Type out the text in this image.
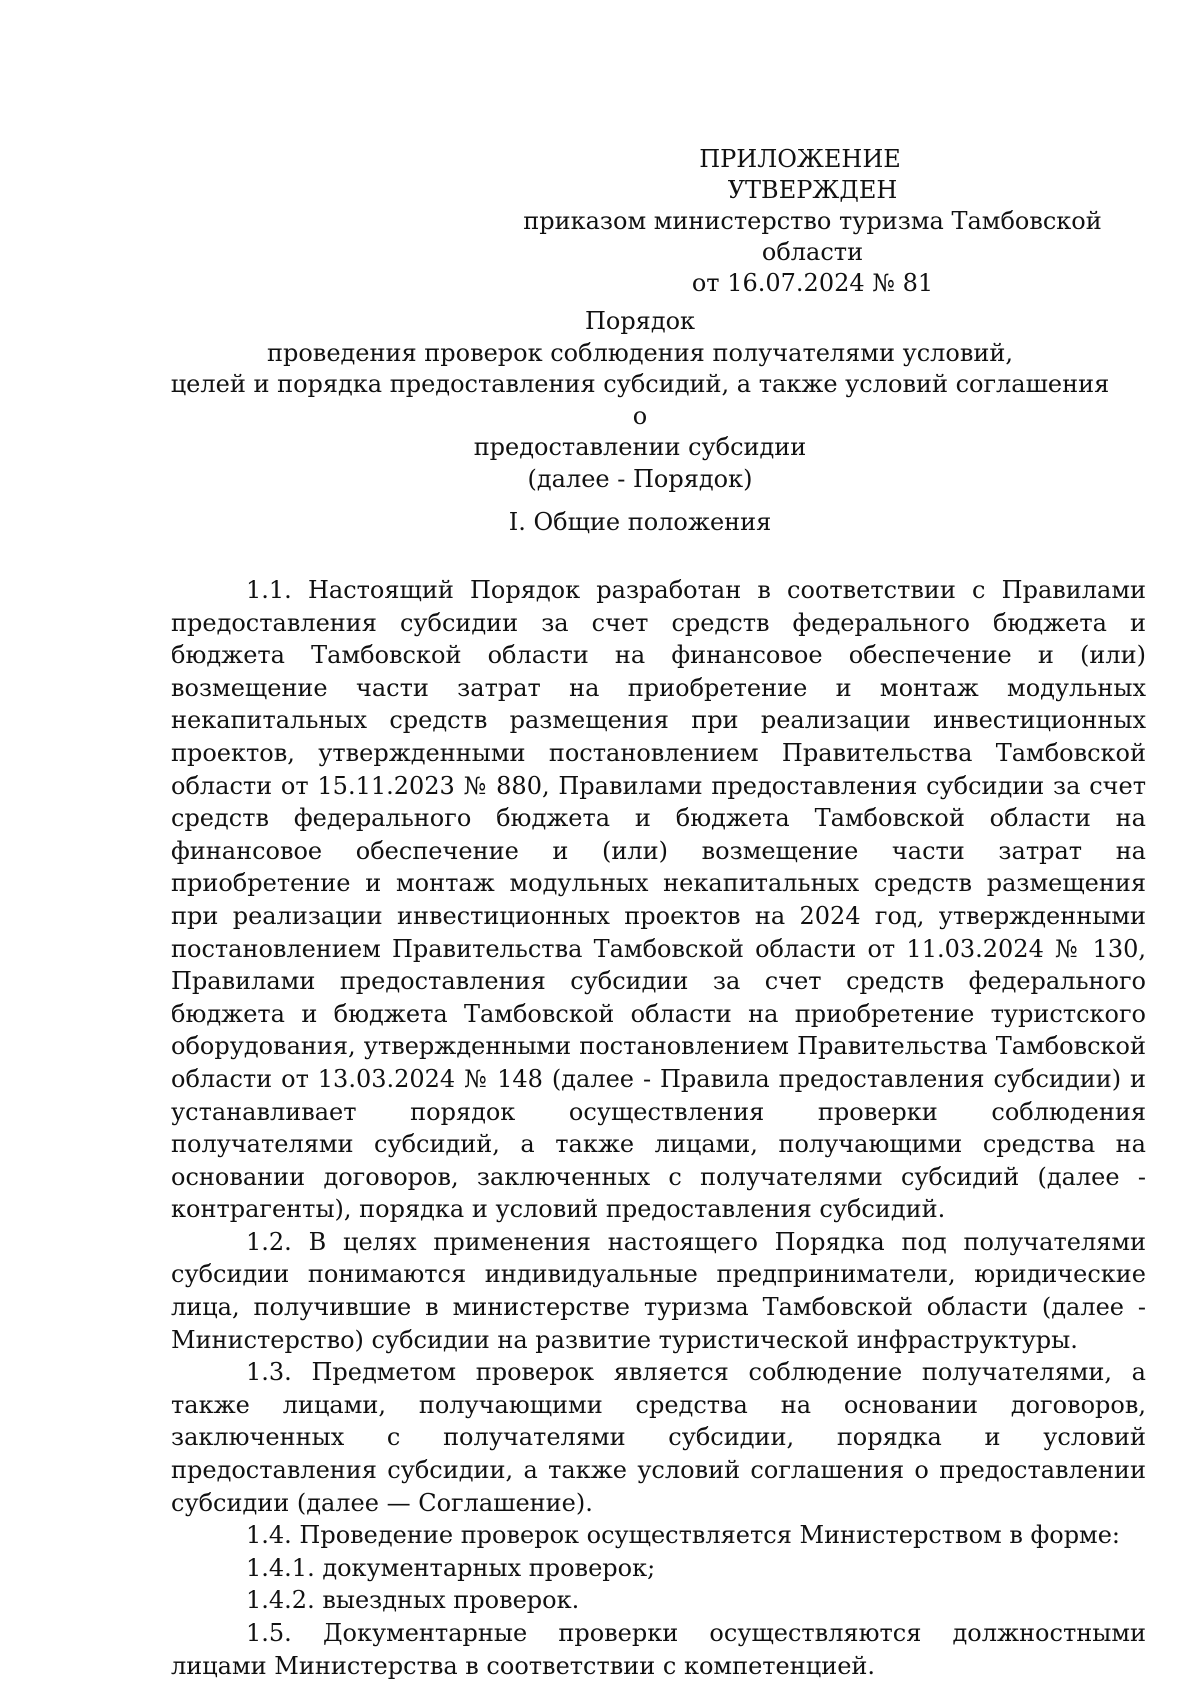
ПРИЛОЖЕНИЕ
УТВЕРЖДЕН
приказом министерство туризма Тамбовской
области
от 16.07.2024 № 81
Порядок
проведения проверок соблюдения получателями условий,
целей и порядка предоставления субсидий, а также условий соглашения о
предоставлении субсидии
(далее - Порядок)
I. Общие положения

1.1. Настоящий Порядок разработан в соответствии с Правилами предоставления субсидии за счет средств федерального бюджета и бюджета Тамбовской области на финансовое обеспечение и (или) возмещение части затрат на приобретение и монтаж модульных некапитальных средств размещения при реализации инвестиционных проектов, утвержденными постановлением Правительства Тамбовской области от 15.11.2023 № 880, Правилами предоставления субсидии за счет средств федерального бюджета и бюджета Тамбовской области на финансовое обеспечение и (или) возмещение части затрат на приобретение и монтаж модульных некапитальных средств размещения при реализации инвестиционных проектов на 2024 год, утвержденными постановлением Правительства Тамбовской области от 11.03.2024 № 130, Правилами предоставления субсидии за счет средств федерального бюджета и бюджета Тамбовской области на приобретение туристского оборудования, утвержденными постановлением Правительства Тамбовской области от 13.03.2024 № 148 (далее - Правила предоставления субсидии) и устанавливает порядок осуществления проверки соблюдения получателями субсидий, а также лицами, получающими средства на основании договоров, заключенных с получателями субсидий (далее - контрагенты), порядка и условий предоставления субсидий.

1.2. В целях применения настоящего Порядка под получателями субсидии понимаются индивидуальные предприниматели, юридические лица, получившие в министерстве туризма Тамбовской области (далее - Министерство) субсидии на развитие туристической инфраструктуры.

1.3. Предметом проверок является соблюдение получателями, а также лицами, получающими средства на основании договоров, заключенных с получателями субсидии, порядка и условий предоставления субсидии, а также условий соглашения о предоставлении субсидии (далее — Соглашение).

1.4. Проведение проверок осуществляется Министерством в форме:

1.4.1. документарных проверок;

1.4.2. выездных проверок.

1.5. Документарные проверки осуществляются должностными лицами Министерства в соответствии с компетенцией.
